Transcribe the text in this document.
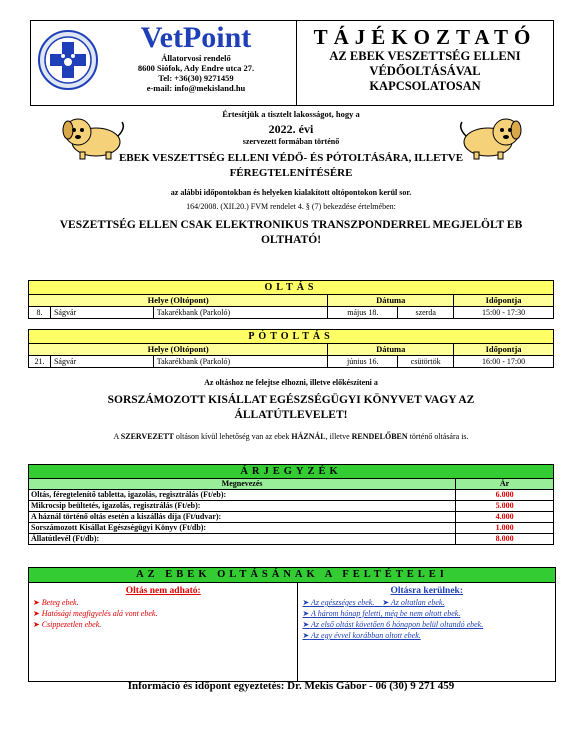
VetPoint
Állatorvosi rendelő
8600 Siófok, Ady Endre utca 27.
Tel: +36(30) 9271459
e-mail: info@mekisland.hu
TÁJÉKOZTATÓ
AZ EBEK VESZETTSÉG ELLENI
VÉDŐOLTÁSÁVAL
KAPCSOLATOSAN
Értesítjük a tisztelt lakosságot, hogy a
2022. évi
szervezett formában történő
EBEK VESZETTSÉG ELLENI VÉDŐ- ÉS PÓTOLTÁSÁRA, ILLETVE
FÉREGTELENÍTÉSÉRE
az alábbi időpontokban és helyeken kialakított oltópontokon kerül sor.
164/2008. (XII.20.) FVM rendelet 4. § (7) bekezdése értelmében:
VESZETTSÉG ELLEN CSAK ELEKTRONIKUS TRANSZPONDERREL MEGJELÖLT EB
OLTHATÓ!
OLTÁS					
Helye (Oltópont)			Dátuma		Időpontja
8.	Ságvár	Takarékbank (Parkoló)	május 18.	szerda	15:00 - 17:30
PÓTOLTÁS					
Helye (Oltópont)			Dátuma		Időpontja
21.	Ságvár	Takarékbank (Parkoló)	június 16.	csütörtök	16:00 - 17:00
Az oltáshoz ne felejtse elhozni, illetve előkészíteni a
SORSZÁMOZOTT KISÁLLAT EGÉSZSÉGÜGYI KÖNYVET VAGY AZ
ÁLLATÚTLEVELET!
A SZERVEZETT oltáson kívül lehetőség van az ebek HÁZNÁL, illetve RENDELŐBEN történő oltására is.
ÁRJEGYZÉK	
Megnevezés	Ár
Oltás, féregtelenítő tabletta, igazolás, regisztrálás (Ft/eb):	6.000
Mikrocsip beültetés, igazolás, regisztrálás (Ft/eb):	5.000
A háznál történő oltás esetén a kiszállás díja (Ft/udvar):	4.000
Sorszámozott Kisállat Egészségügyi Könyv (Ft/db):	1.000
Állatútlevél (Ft/db):	8.000
AZ EBEK OLTÁSÁNAK A FELTÉTELEI
Oltás nem adható:
➤ Beteg ebek.
➤ Hatósági megfigyelés alá vont ebek.
➤ Csippezetlen ebek.
Oltásra kerülnek:
➤ Az egészséges ebek. ➤ Az oltatlan ebek.
➤ A három hónap feletti, még be nem oltott ebek.
➤ Az első oltást követően 6 hónapon belül oltandó ebek.
➤ Az egy évvel korábban oltott ebek.
Információ és időpont egyeztetés: Dr. Mekis Gábor - 06 (30) 9 271 459
